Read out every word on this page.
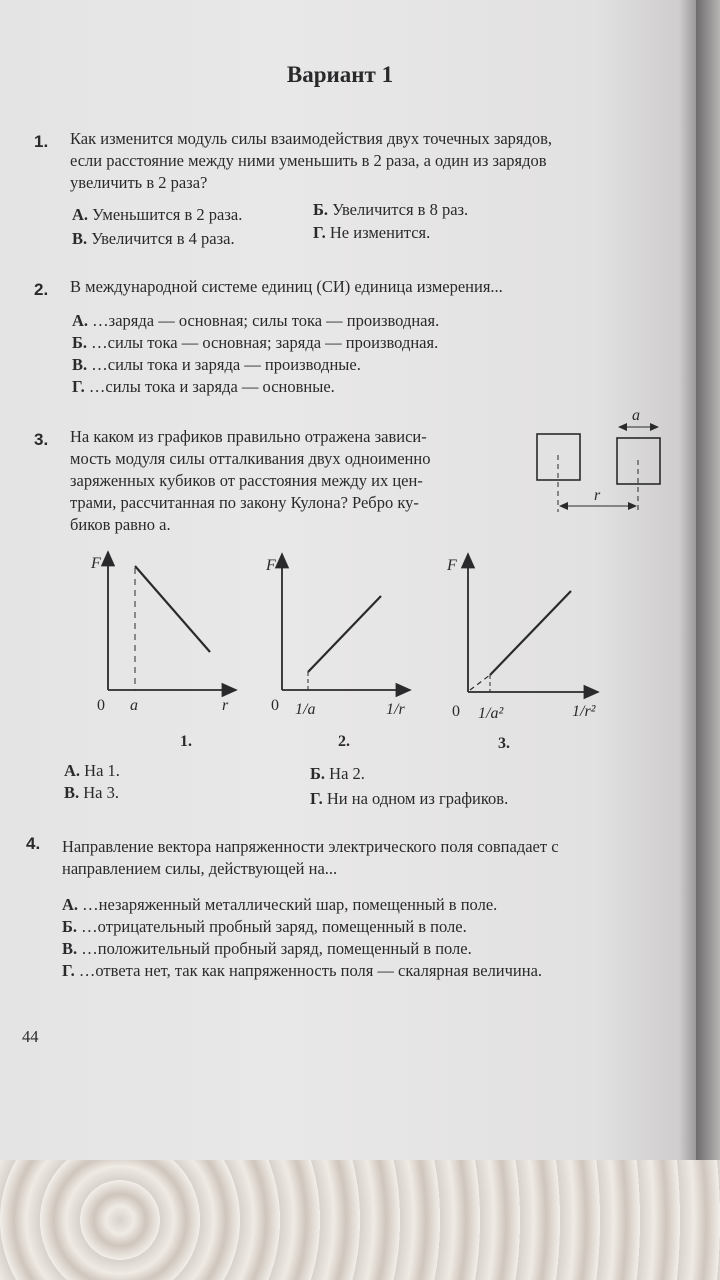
Вариант 1
1. Как изменится модуль силы взаимодействия двух точечных зарядов,
если расстояние между ними уменьшить в 2 раза, а один из зарядов
увеличить в 2 раза?
А. Уменьшится в 2 раза.	Б. Увеличится в 8 раз.
В. Увеличится в 4 раза.	Г. Не изменится.
2. В международной системе единиц (СИ) единица измерения...
А. …заряда — основная; силы тока — производная.
Б. …силы тока — основная; заряда — производная.
В. …силы тока и заряда — производные.
Г. …силы тока и заряда — основные.
3. На каком из графиков правильно отражена зависи-
мость модуля силы отталкивания двух одноименно
заряженных кубиков от расстояния между их цен-
трами, рассчитанная по закону Кулона? Ребро ку-
биков равно a.
a
r
F
0 a	r
1.
F
0 1/a	1/r
2.
F
0 1/a²	1/r²
3.
А. На 1.	Б. На 2.
В. На 3.	Г. Ни на одном из графиков.
4. Направление вектора напряженности электрического поля совпадает с
направлением силы, действующей на...
А. …незаряженный металлический шар, помещенный в поле.
Б. …отрицательный пробный заряд, помещенный в поле.
В. …положительный пробный заряд, помещенный в поле.
Г. …ответа нет, так как напряженность поля — скалярная величина.
44
